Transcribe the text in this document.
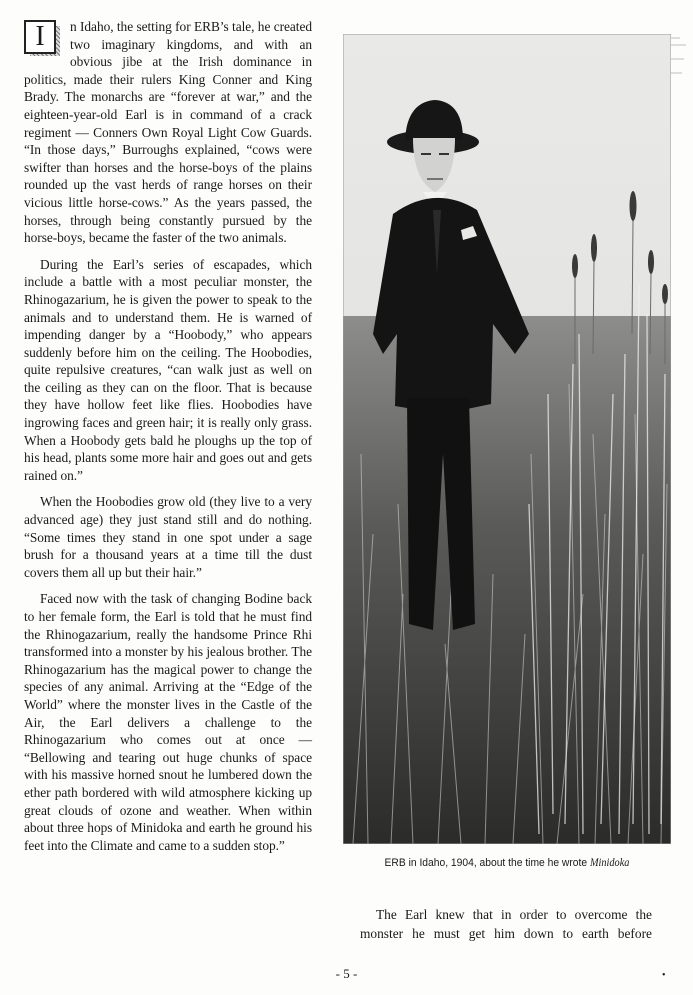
I	n Idaho, the setting for ERB’s tale, he created two imaginary kingdoms, and with an obvious jibe at the Irish dominance in politics, made their rulers King Conner and King Brady. The monarchs are “forever at war,” and the eighteen-year-old Earl is in command of a crack regiment — Conners Own Royal Light Cow Guards. “In those days,” Burroughs explained, “cows were swifter than horses and the horse-boys of the plains rounded up the vast herds of range horses on their vicious little horse-cows.” As the years passed, the horses, through being constantly pursued by the horse-boys, became the faster of the two animals.

During the Earl’s series of escapades, which include a battle with a most peculiar monster, the Rhinogazarium, he is given the power to speak to the animals and to understand them. He is warned of impending danger by a “Hoobody,” who appears suddenly before him on the ceiling. The Hoobodies, quite repulsive creatures, “can walk just as well on the ceiling as they can on the floor. That is because they have hollow feet like flies. Hoobodies have ingrowing faces and green hair; it is really only grass. When a Hoobody gets bald he ploughs up the top of his head, plants some more hair and goes out and gets rained on.”

When the Hoobodies grow old (they live to a very advanced age) they just stand still and do nothing. “Some times they stand in one spot under a sage brush for a thousand years at a time till the dust covers them all up but their hair.”

Faced now with the task of changing Bodine back to her female form, the Earl is told that he must find the Rhinogazarium, really the handsome Prince Rhi transformed into a monster by his jealous brother. The Rhinogazarium has the magical power to change the species of any animal. Arriving at the “Edge of the World” where the monster lives in the Castle of the Air, the Earl delivers a challenge to the Rhinogazarium who comes out at once — “Bellowing and tearing out huge chunks of space with his massive horned snout he lumbered down the ether path bordered with wild atmosphere kicking up great clouds of ozone and weather. When within about three hops of Minidoka and earth he ground his feet into the Climate and came to a sudden stop.”

ERB in Idaho, 1904, about the time he wrote Minidoka

The Earl knew that in order to overcome the monster he must get him down to earth before

- 5 -	•
